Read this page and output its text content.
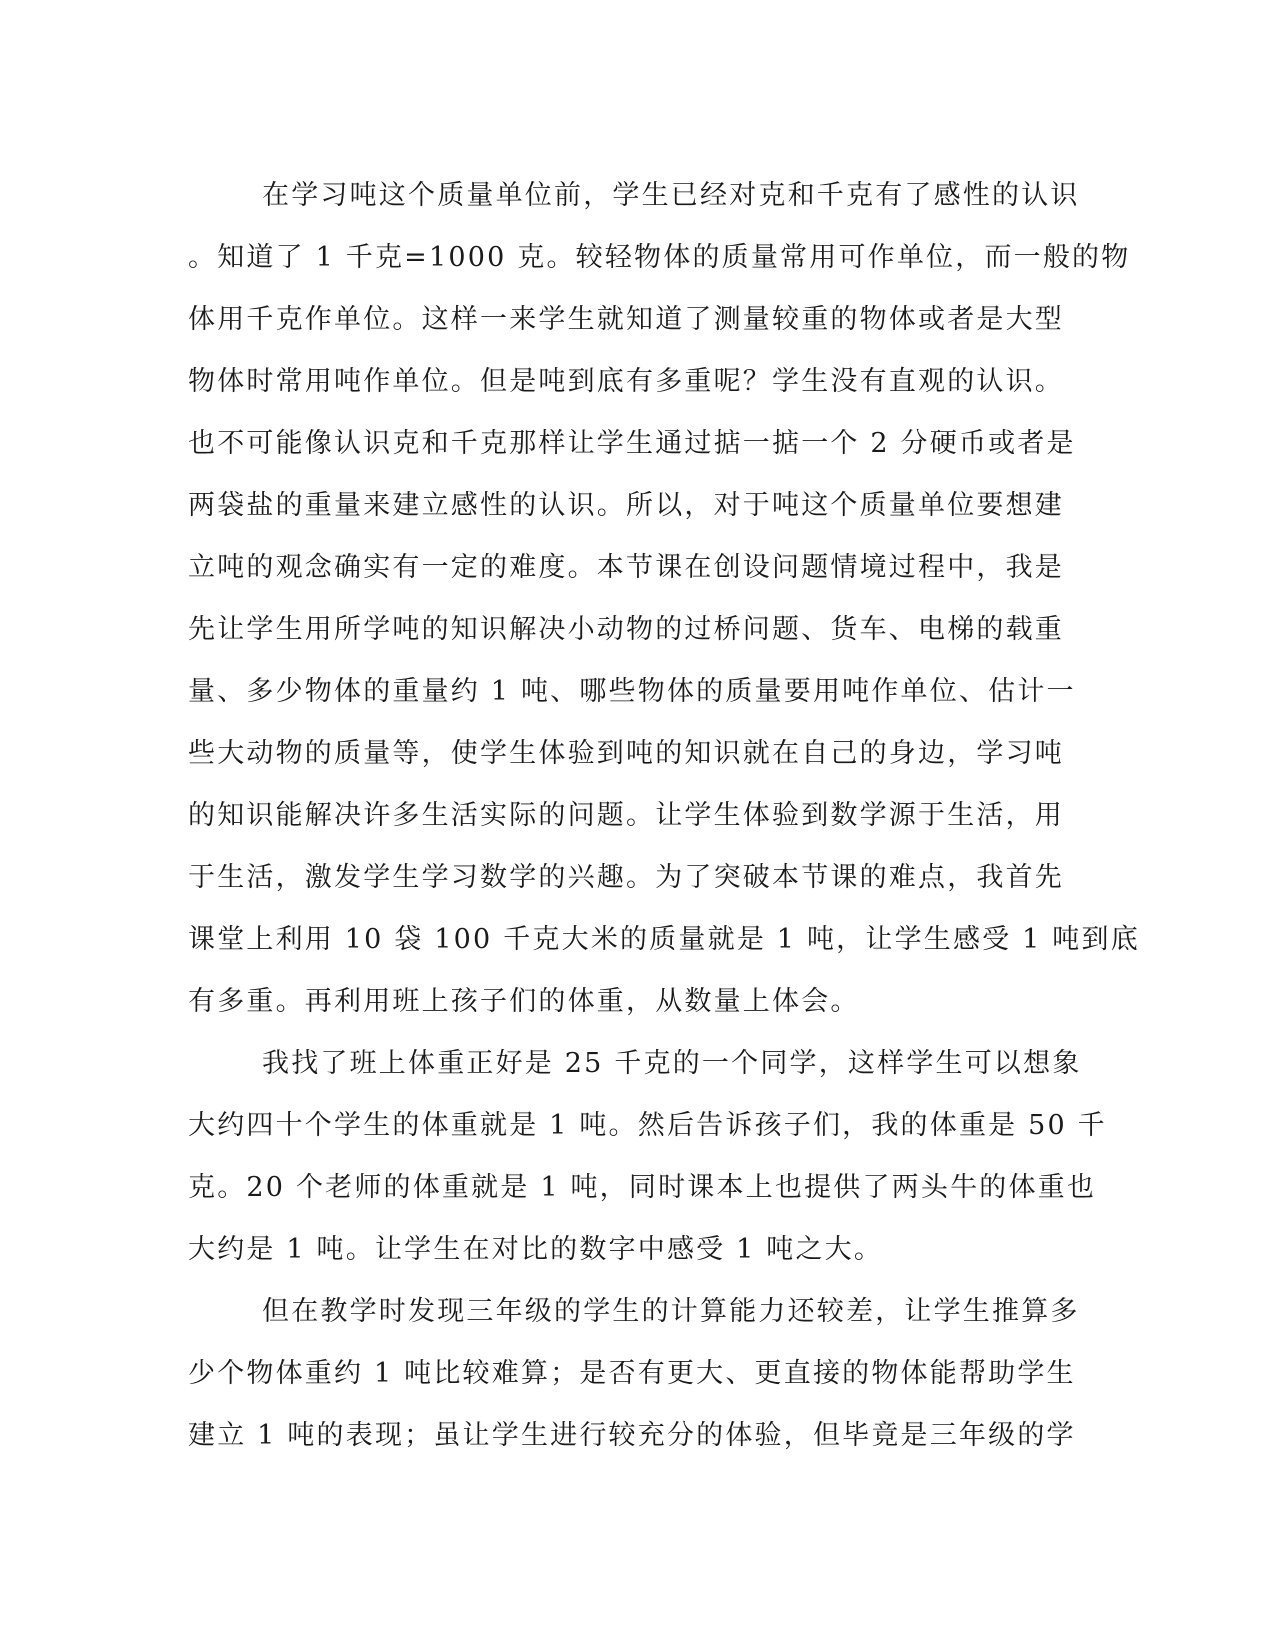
在学习吨这个质量单位前，学生已经对克和千克有了感性的认识
。知道了 1 千克=1000 克。较轻物体的质量常用可作单位，而一般的物
体用千克作单位。这样一来学生就知道了测量较重的物体或者是大型
物体时常用吨作单位。但是吨到底有多重呢？学生没有直观的认识。
也不可能像认识克和千克那样让学生通过掂一掂一个 2 分硬币或者是
两袋盐的重量来建立感性的认识。所以，对于吨这个质量单位要想建
立吨的观念确实有一定的难度。本节课在创设问题情境过程中，我是
先让学生用所学吨的知识解决小动物的过桥问题、货车、电梯的载重
量、多少物体的重量约 1 吨、哪些物体的质量要用吨作单位、估计一
些大动物的质量等，使学生体验到吨的知识就在自己的身边，学习吨
的知识能解决许多生活实际的问题。让学生体验到数学源于生活，用
于生活，激发学生学习数学的兴趣。为了突破本节课的难点，我首先
课堂上利用 10 袋 100 千克大米的质量就是 1 吨，让学生感受 1 吨到底
有多重。再利用班上孩子们的体重，从数量上体会。
我找了班上体重正好是 25 千克的一个同学，这样学生可以想象
大约四十个学生的体重就是 1 吨。然后告诉孩子们，我的体重是 50 千
克。20 个老师的体重就是 1 吨，同时课本上也提供了两头牛的体重也
大约是 1 吨。让学生在对比的数字中感受 1 吨之大。
但在教学时发现三年级的学生的计算能力还较差，让学生推算多
少个物体重约 1 吨比较难算；是否有更大、更直接的物体能帮助学生
建立 1 吨的表现；虽让学生进行较充分的体验，但毕竟是三年级的学
